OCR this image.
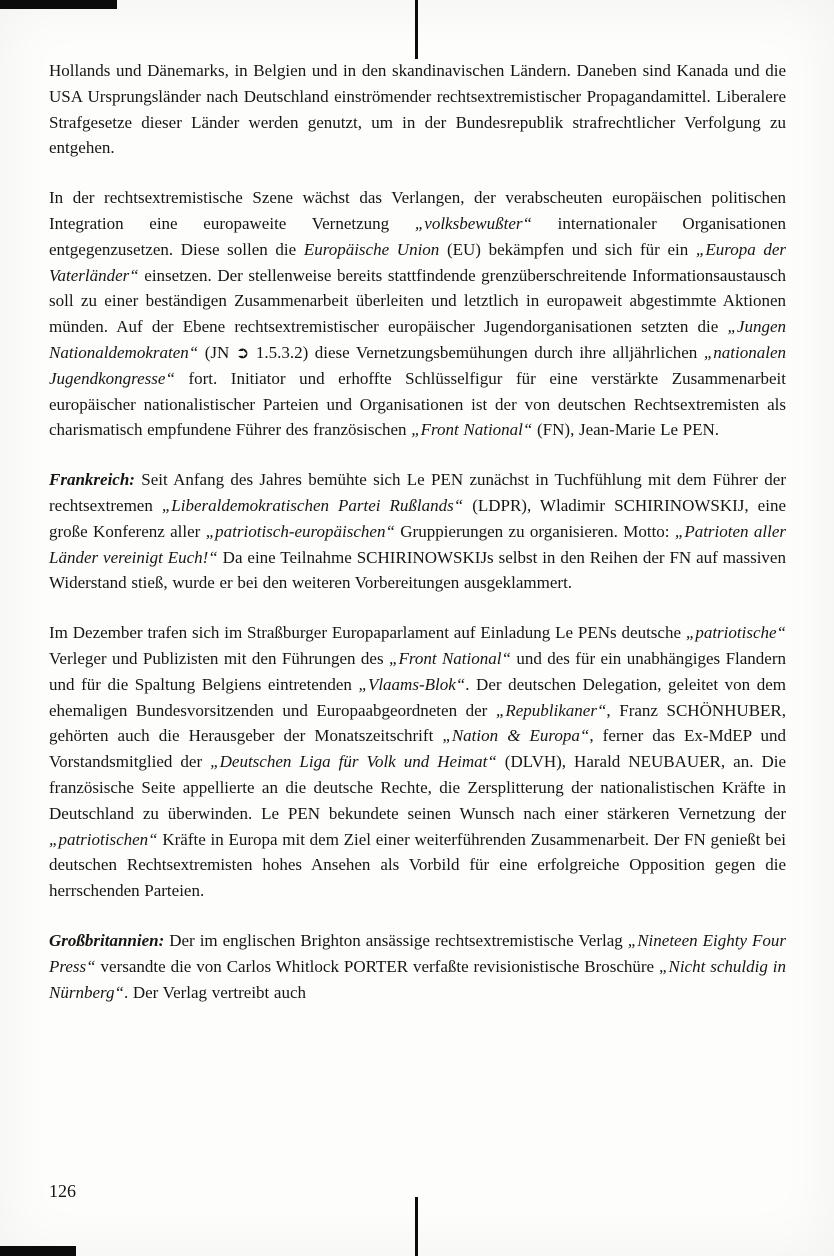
Hollands und Dänemarks, in Belgien und in den skandinavischen Ländern. Daneben sind Kanada und die USA Ursprungsländer nach Deutschland einströmender rechtsextremistischer Propagandamittel. Liberalere Strafgesetze dieser Länder werden genutzt, um in der Bundesrepublik strafrechtlicher Verfolgung zu entgehen.

In der rechtsextremistische Szene wächst das Verlangen, der verabscheuten europäischen politischen Integration eine europaweite Vernetzung „volksbewußter“ internationaler Organisationen entgegenzusetzen. Diese sollen die Europäische Union (EU) bekämpfen und sich für ein „Europa der Vaterländer“ einsetzen. Der stellenweise bereits stattfindende grenzüberschreitende Informationsaustausch soll zu einer beständigen Zusammenarbeit überleiten und letztlich in europaweit abgestimmte Aktionen münden. Auf der Ebene rechtsextremistischer europäischer Jugendorganisationen setzten die „Jungen Nationaldemokraten“ (JN ➲ 1.5.3.2) diese Vernetzungsbemühungen durch ihre alljährlichen „nationalen Jugendkongresse“ fort. Initiator und erhoffte Schlüsselfigur für eine verstärkte Zusammenarbeit europäischer nationalistischer Parteien und Organisationen ist der von deutschen Rechtsextremisten als charismatisch empfundene Führer des französischen „Front National“ (FN), Jean-Marie Le PEN.

Frankreich: Seit Anfang des Jahres bemühte sich Le PEN zunächst in Tuchfühlung mit dem Führer der rechtsextremen „Liberaldemokratischen Partei Rußlands“ (LDPR), Wladimir SCHIRINOWSKIJ, eine große Konferenz aller „patriotisch-europäischen“ Gruppierungen zu organisieren. Motto: „Patrioten aller Länder vereinigt Euch!“ Da eine Teilnahme SCHIRINOWSKIJs selbst in den Reihen der FN auf massiven Widerstand stieß, wurde er bei den weiteren Vorbereitungen ausgeklammert.

Im Dezember trafen sich im Straßburger Europaparlament auf Einladung Le PENs deutsche „patriotische“ Verleger und Publizisten mit den Führungen des „Front National“ und des für ein unabhängiges Flandern und für die Spaltung Belgiens eintretenden „Vlaams-Blok“. Der deutschen Delegation, geleitet von dem ehemaligen Bundesvorsitzenden und Europaabgeordneten der „Republikaner“, Franz SCHÖNHUBER, gehörten auch die Herausgeber der Monatszeitschrift „Nation & Europa“, ferner das Ex-MdEP und Vorstandsmitglied der „Deutschen Liga für Volk und Heimat“ (DLVH), Harald NEUBAUER, an. Die französische Seite appellierte an die deutsche Rechte, die Zersplitterung der nationalistischen Kräfte in Deutschland zu überwinden. Le PEN bekundete seinen Wunsch nach einer stärkeren Vernetzung der „patriotischen“ Kräfte in Europa mit dem Ziel einer weiterführenden Zusammenarbeit. Der FN genießt bei deutschen Rechtsextremisten hohes Ansehen als Vorbild für eine erfolgreiche Opposition gegen die herrschenden Parteien.

Großbritannien: Der im englischen Brighton ansässige rechtsextremistische Verlag „Nineteen Eighty Four Press“ versandte die von Carlos Whitlock PORTER verfaßte revisionistische Broschüre „Nicht schuldig in Nürnberg“. Der Verlag vertreibt auch

126
